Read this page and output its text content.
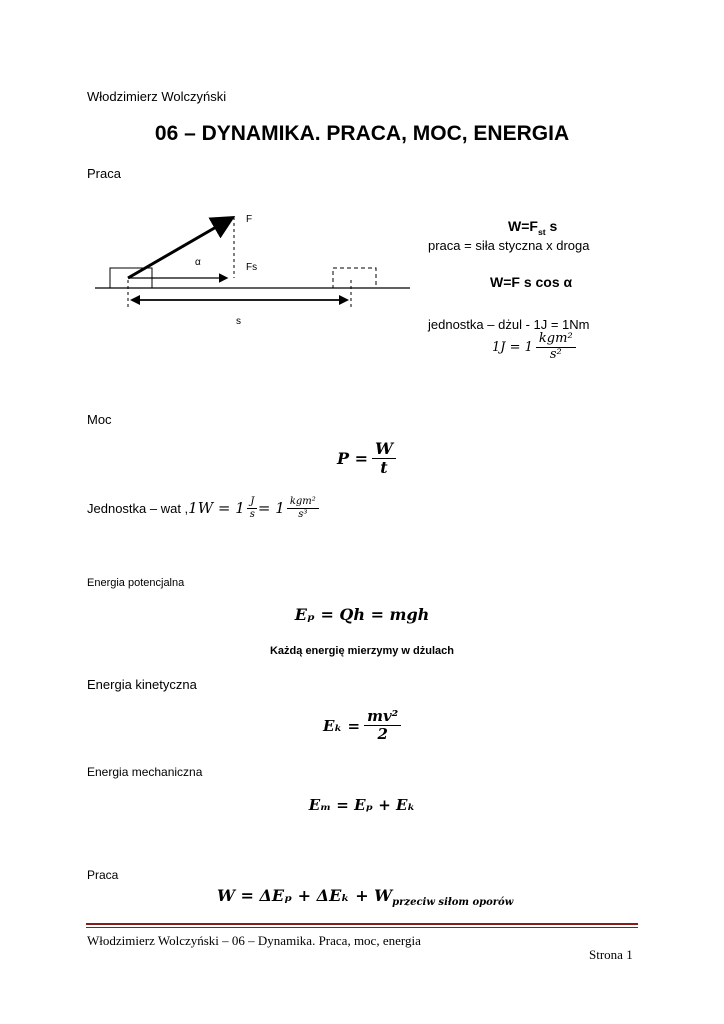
Włodzimierz Wolczyński
06 – DYNAMIKA. PRACA, MOC, ENERGIA
Praca
F
α	Fs
s
$W=F_{st}$ s
praca = siła styczna x droga
W=F s cos α
jednostka – dżul - 1J = 1Nm
$1J = 1 \frac{\text{kgm²}}{\text{s²}}$
Moc
$P = \frac{W}{t}$
Jednostka – wat , $1W = 1 \frac{J}{s} = 1 \frac{\text{kgm²}}{\text{s³}}$
Energia potencjalna
Eₚ = Qh = mgh
Każdą energię mierzymy w dżulach
Energia kinetyczna
$E_k = \frac{\text{mv²}}{2}$
Energia mechaniczna
Eₘ = Eₚ + Eₖ
Praca
$W = \Delta E_p + \Delta E_k + W_{przeciw siłom oporów}$
Włodzimierz Wolczyński – 06 – Dynamika. Praca, moc, energia
Strona 1
